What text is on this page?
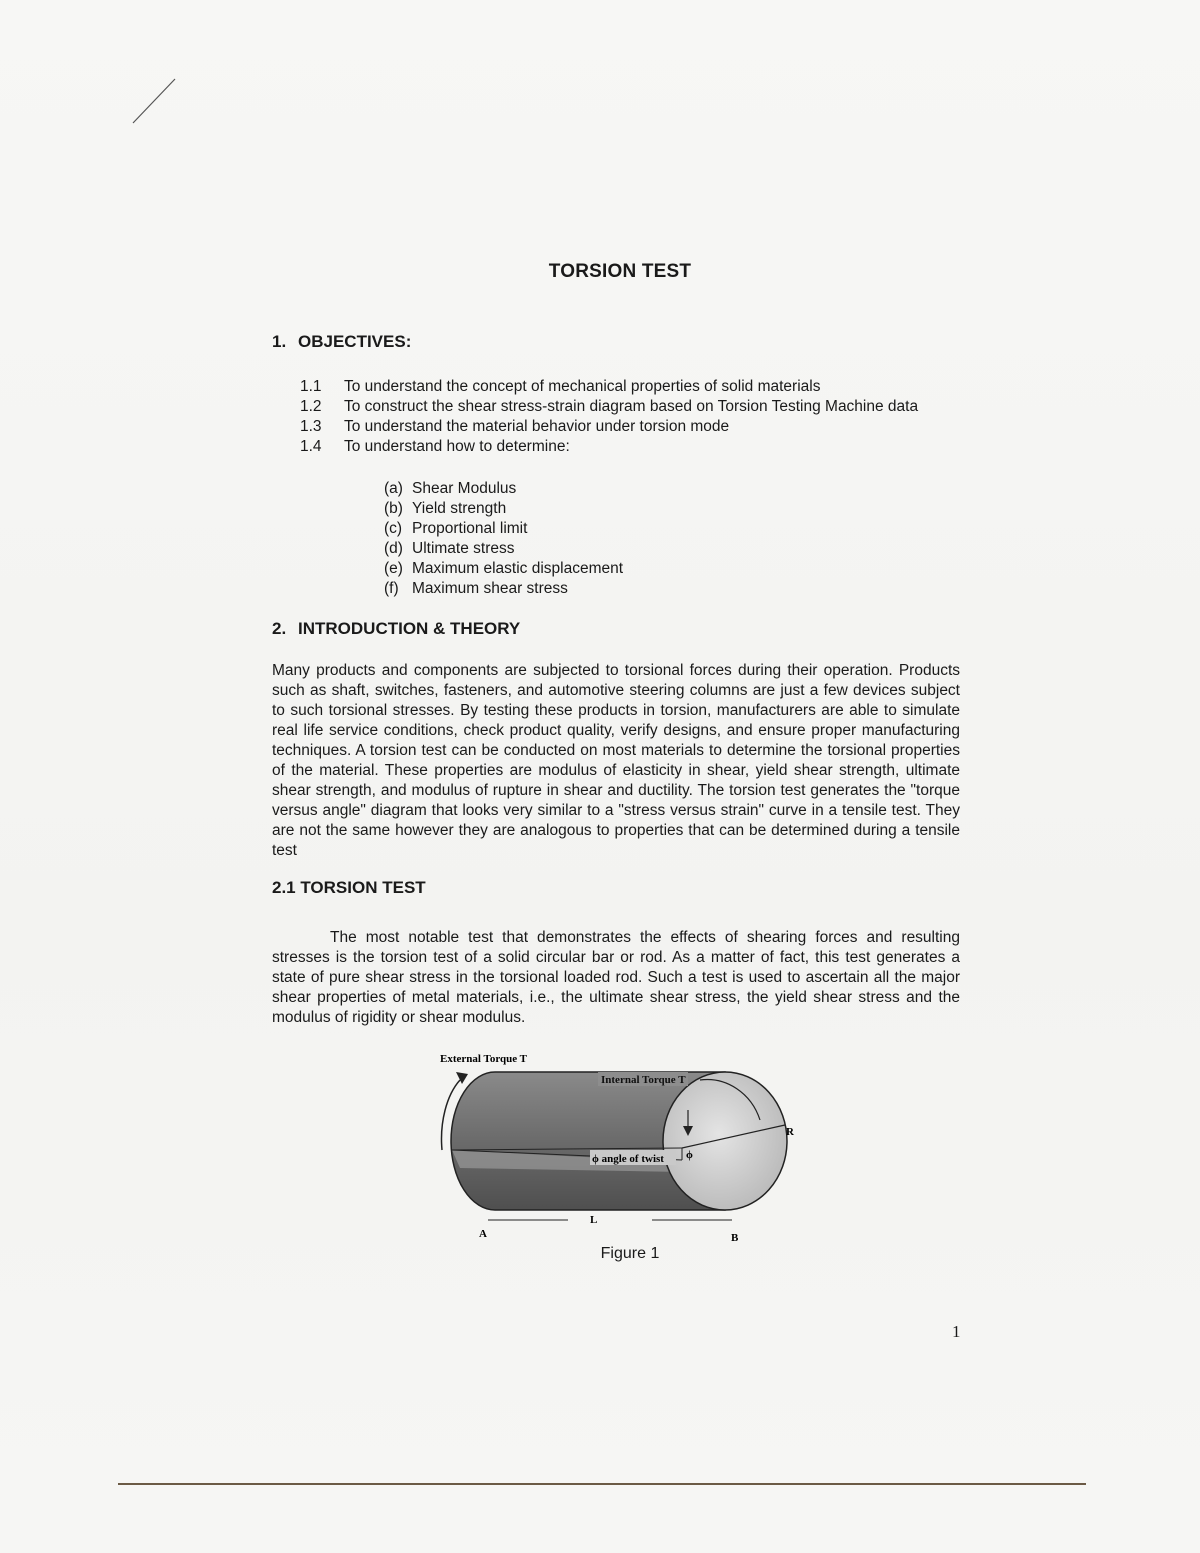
TORSION TEST
1. OBJECTIVES:
1.1	To understand the concept of mechanical properties of solid materials
1.2	To construct the shear stress-strain diagram based on Torsion Testing Machine data
1.3	To understand the material behavior under torsion mode
1.4	To understand how to determine:
(a) Shear Modulus
(b) Yield strength
(c) Proportional limit
(d) Ultimate stress
(e) Maximum elastic displacement
(f) Maximum shear stress
2. INTRODUCTION & THEORY
Many products and components are subjected to torsional forces during their operation. Products such as shaft, switches, fasteners, and automotive steering columns are just a few devices subject to such torsional stresses. By testing these products in torsion, manufacturers are able to simulate real life service conditions, check product quality, verify designs, and ensure proper manufacturing techniques. A torsion test can be conducted on most materials to determine the torsional properties of the material. These properties are modulus of elasticity in shear, yield shear strength, ultimate shear strength, and modulus of rupture in shear and ductility. The torsion test generates the "torque versus angle" diagram that looks very similar to a "stress versus strain" curve in a tensile test. They are not the same however they are analogous to properties that can be determined during a tensile test
2.1 TORSION TEST
The most notable test that demonstrates the effects of shearing forces and resulting stresses is the torsion test of a solid circular bar or rod. As a matter of fact, this test generates a state of pure shear stress in the torsional loaded rod. Such a test is used to ascertain all the major shear properties of metal materials, i.e., the ultimate shear stress, the yield shear stress and the modulus of rigidity or shear modulus.
External Torque T
Internal Torque T
ϕ angle of twist ϕ
R
L
A	B
Figure 1
1
